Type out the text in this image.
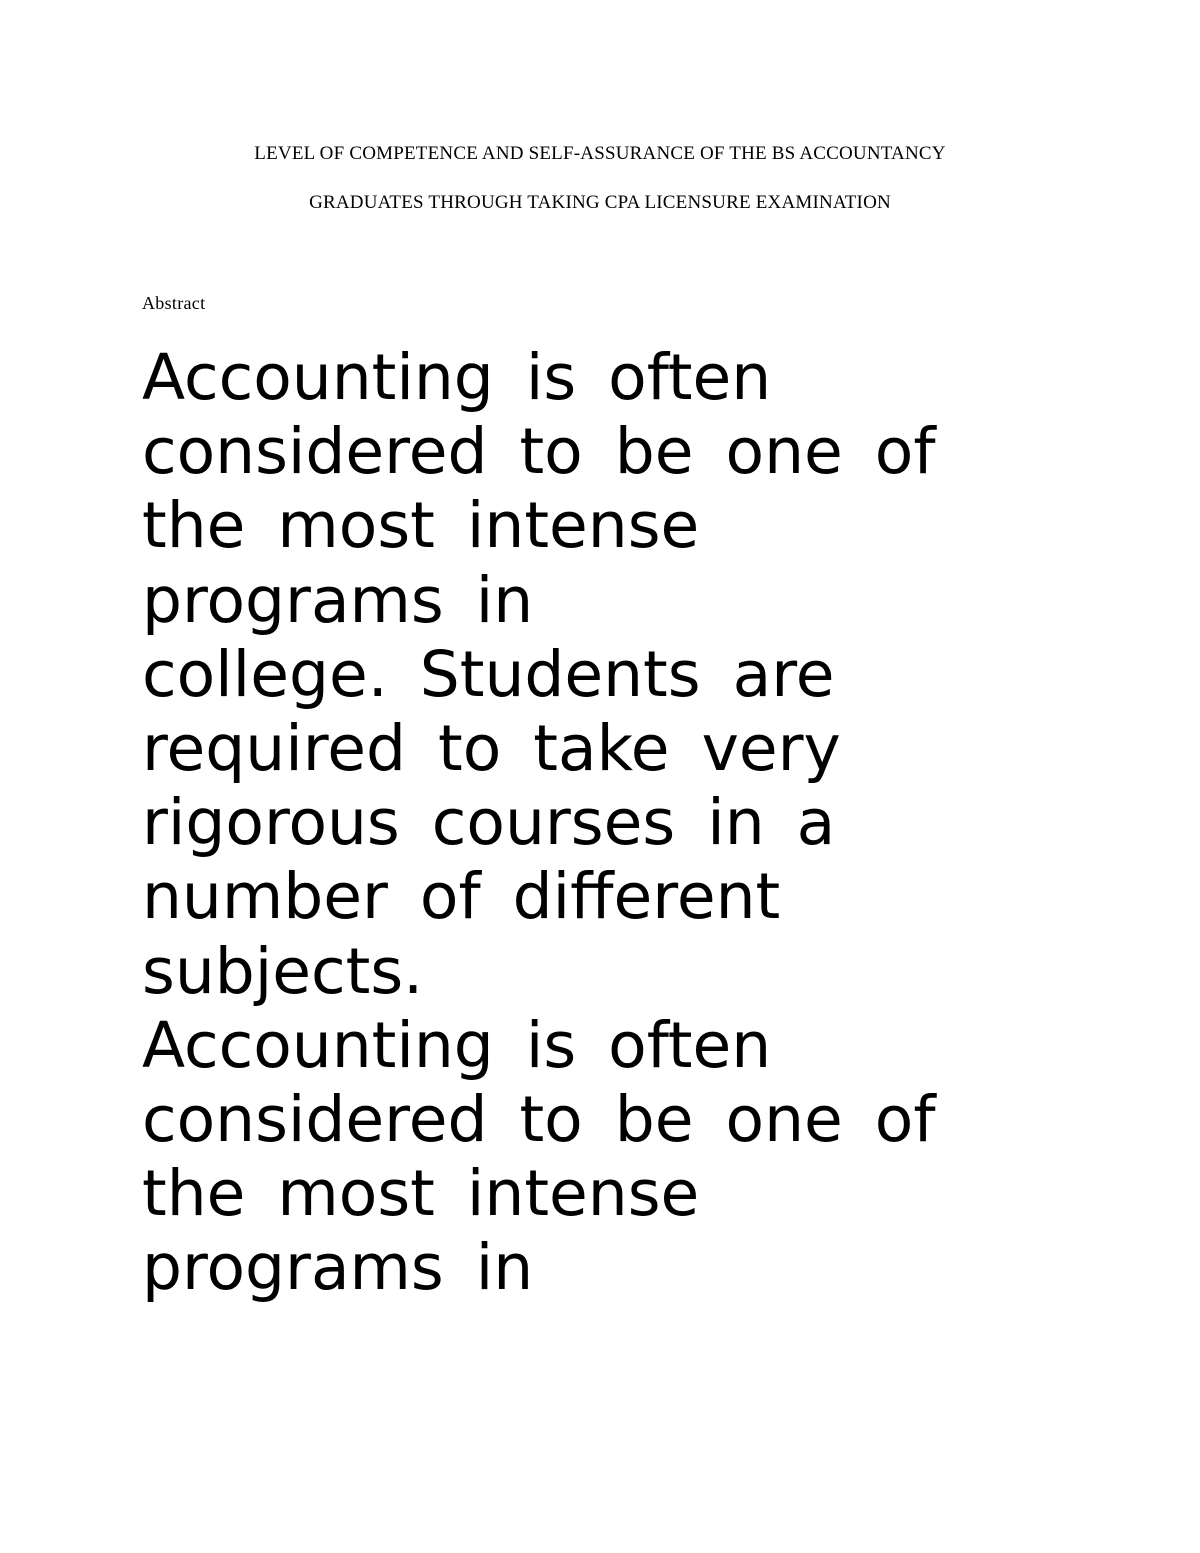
LEVEL OF COMPETENCE AND SELF-ASSURANCE OF THE BS ACCOUNTANCY
GRADUATES THROUGH TAKING CPA LICENSURE EXAMINATION
Abstract
Accounting is often
considered to be one of
the most intense
programs in
college. Students are
required to take very
rigorous courses in a
number of different
subjects.
Accounting is often
considered to be one of
the most intense
programs in
